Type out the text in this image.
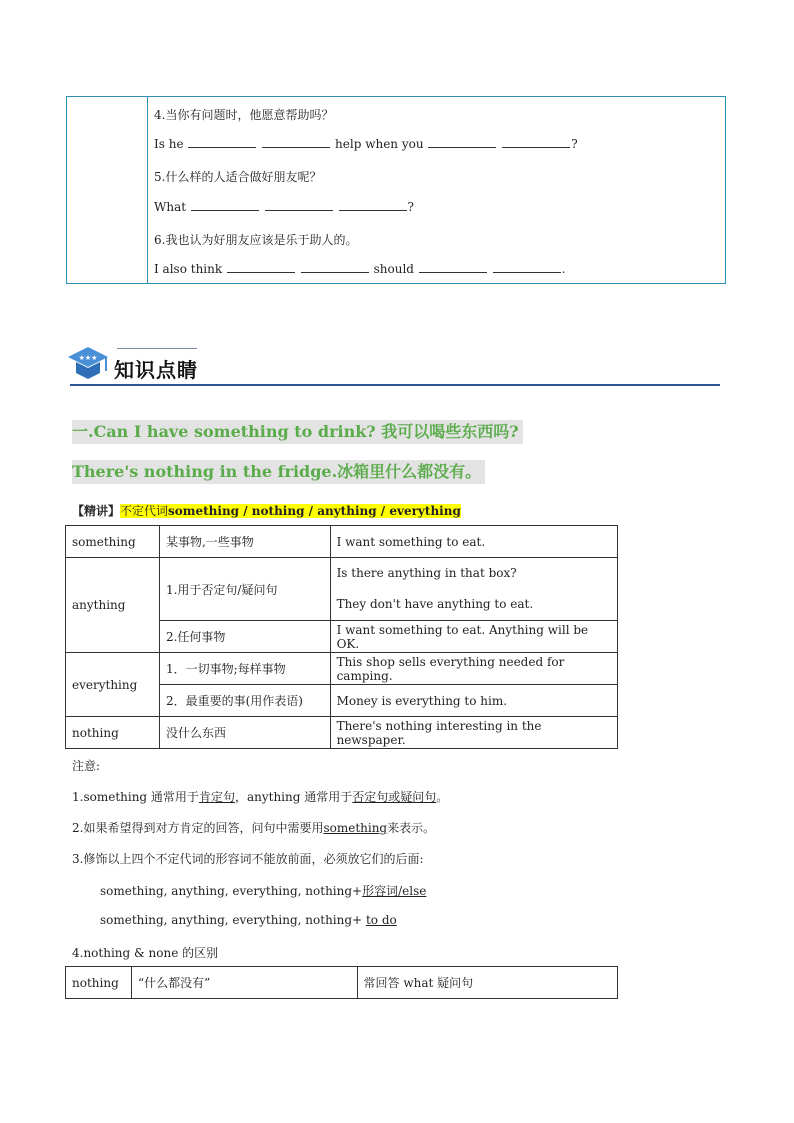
4.当你有问题时，他愿意帮助吗？
Is he	help when you	?
5.什么样的人适合做好朋友呢？
What	?
6.我也认为好朋友应该是乐于助人的。
I also think	should	.
★★★ 知识点睛
一.Can I have something to drink? 我可以喝些东西吗?
There's nothing in the fridge.冰箱里什么都没有。
【精讲】不定代词something / nothing / anything / everything
something	某事物,一些事物	I want something to eat.
anything	1.用于否定句/疑问句	Is there anything in that box?
They don't have anything to eat.

	2.任何事物	I want something to eat. Anything will be OK.
everything	1．一切事物;每样事物	This shop sells everything needed for camping.
	2．最重要的事(用作表语)	Money is everything to him.
nothing	没什么东西	There's nothing interesting in the newspaper.
注意:
1.something 通常用于肯定句，anything 通常用于否定句或疑问句。
2.如果希望得到对方肯定的回答，问句中需要用something来表示。
3.修饰以上四个不定代词的形容词不能放前面，必须放它们的后面:
something, anything, everything, nothing+形容词/else
something, anything, everything, nothing+ to do
4.nothing & none 的区别
nothing	“什么都没有”	常回答 what 疑问句
